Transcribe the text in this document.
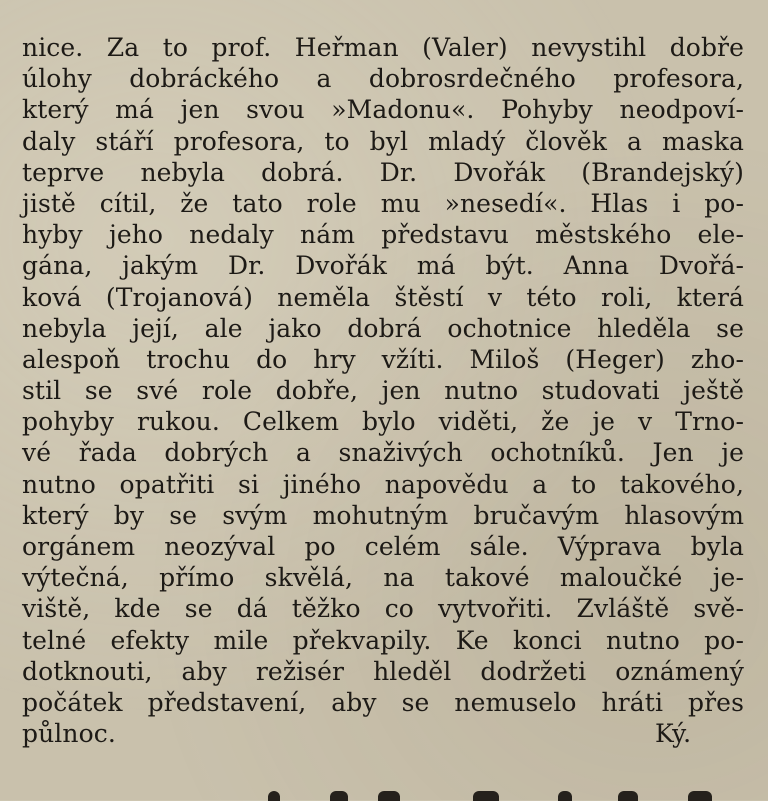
nice. Za to prof. Heřman (Valer) nevystihl dobře
úlohy dobráckého a dobrosrdečného profesora,
který má jen svou »Madonu«. Pohyby neodpoví-
daly stáří profesora, to byl mladý člověk a maska
teprve nebyla dobrá. Dr. Dvořák (Brandejský)
jistě cítil, že tato role mu »nesedí«. Hlas i po-
hyby jeho nedaly nám představu městského ele-
gána, jakým Dr. Dvořák má být. Anna Dvořá-
ková (Trojanová) neměla štěstí v této roli, která
nebyla její, ale jako dobrá ochotnice hleděla se
alespoň trochu do hry vžíti. Miloš (Heger) zho-
stil se své role dobře, jen nutno studovati ještě
pohyby rukou. Celkem bylo viděti, že je v Trno-
vé řada dobrých a snaživých ochotníků. Jen je
nutno opatřiti si jiného napovědu a to takového,
který by se svým mohutným bručavým hlasovým
orgánem neozýval po celém sále. Výprava byla
výtečná, přímo skvělá, na takové maloučké je-
viště, kde se dá těžko co vytvořiti. Zvláště svě-
telné efekty mile překvapily. Ke konci nutno po-
dotknouti, aby režisér hleděl dodržeti oznámený
počátek představení, aby se nemuselo hráti přes
půlnoc.	Ký.
